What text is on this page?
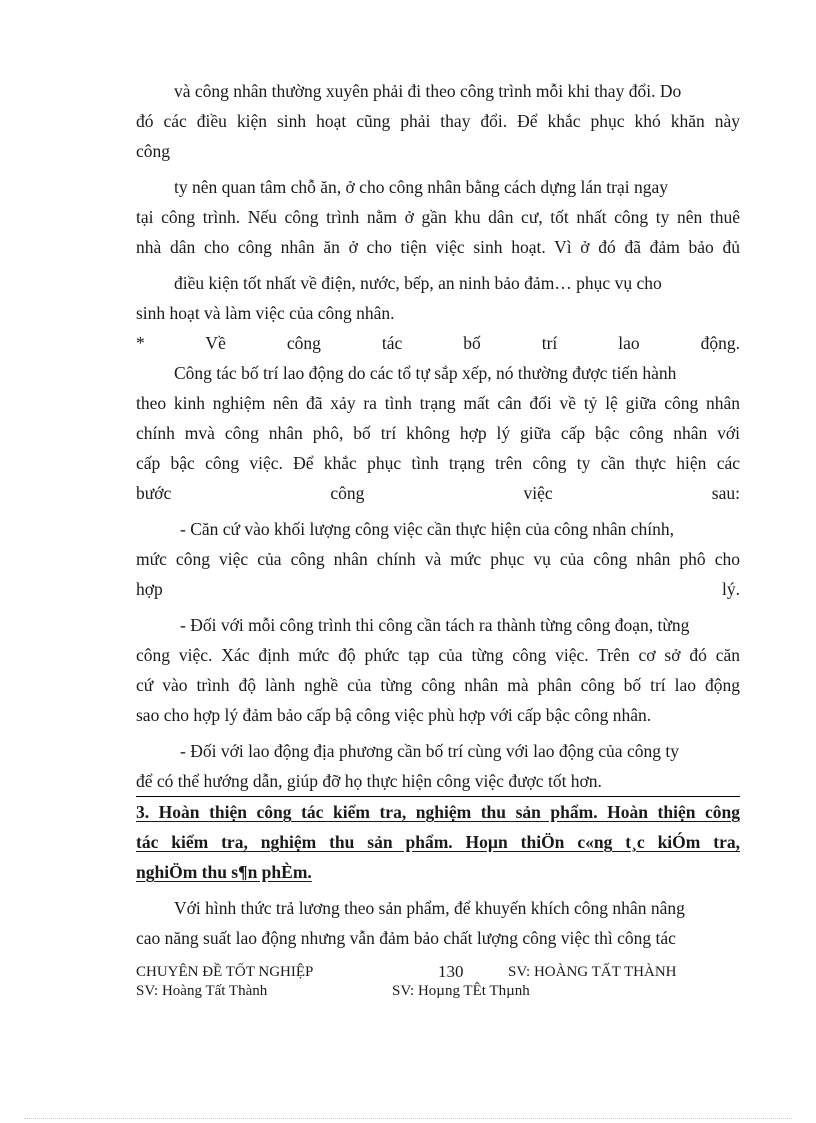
và công nhân thường xuyên phải đi theo công trình mỗi khi thay đổi. Do
đó các điều kiện sinh hoạt cũng phải thay đổi. Để khắc phục khó khăn này
công
ty nên quan tâm chỗ ăn, ở cho công nhân bằng cách dựng lán trại ngay
tại công trình. Nếu công trình nằm ở gần khu dân cư, tốt nhất công ty nên thuê
nhà dân cho công nhân ăn ở cho tiện việc sinh hoạt. Vì ở đó đã đảm bảo đủ
điều kiện tốt nhất về điện, nước, bếp, an ninh bảo đảm… phục vụ cho
sinh hoạt và làm việc của công nhân.
* Về công tác bố trí lao động.
Công tác bố trí lao động do các tổ tự sắp xếp, nó thường được tiến hành
theo kinh nghiệm nên đã xảy ra tình trạng mất cân đối về tỷ lệ giữa công nhân
chính mvà công nhân phô, bố trí không hợp lý giữa cấp bậc công nhân với
cấp bậc công việc. Để khắc phục tình trạng trên công ty cần thực hiện các
bước công việc sau:
- Căn cứ vào khối lượng công việc cần thực hiện của công nhân chính,
mức công việc của công nhân chính và mức phục vụ của công nhân phô cho
hợp lý.
- Đối với mỗi công trình thi công cần tách ra thành từng công đoạn, từng
công việc. Xác định mức độ phức tạp của từng công việc. Trên cơ sở đó căn
cứ vào trình độ lành nghề của từng công nhân mà phân công bố trí lao động
sao cho hợp lý đảm bảo cấp bậ công việc phù hợp với cấp bậc công nhân.
- Đối với lao động địa phương cần bố trí cùng với lao động của công ty
để có thể hướng dẫn, giúp đỡ họ thực hiện công việc được tốt hơn.
3. Hoàn thiện công tác kiểm tra, nghiệm thu sản phẩm. Hoàn thiện công
tác kiểm tra, nghiệm thu sản phẩm. Hoµn thiÖn c«ng t¸c kiÓm tra,
nghiÖm thu s¶n phÈm.
Với hình thức trả lương theo sản phẩm, để khuyến khích công nhân nâng
cao năng suất lao động nhưng vẫn đảm bảo chất lượng công việc thì công tác
CHUYÊN ĐỀ TỐT NGHIỆP	130	SV: HOÀNG TẤT THÀNH
SV: Hoàng Tất Thành	SV: Hoµng TÊt Thµnh
